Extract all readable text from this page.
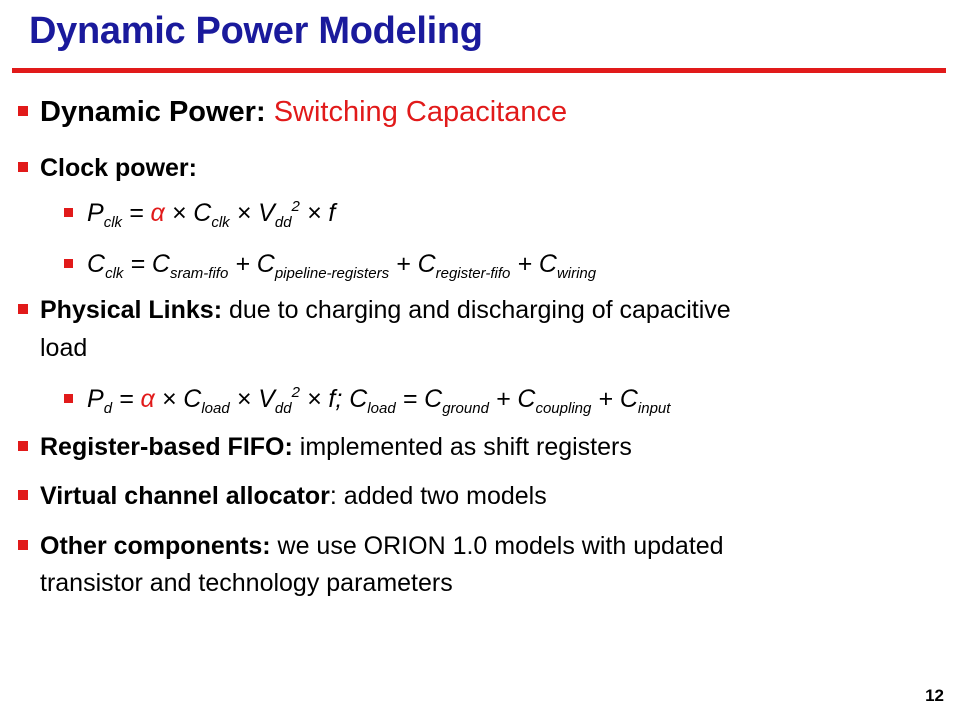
Dynamic Power Modeling
Dynamic Power: Switching Capacitance
Clock power:
$P_{clk} = \alpha \times C_{clk} \times V_{dd}^2 \times f$
$C_{clk} = C_{sram-fifo} + C_{pipeline-registers} + C_{register-fifo} + C_{wiring}$
Physical Links: due to charging and discharging of capacitive
load
$P_d = \alpha \times C_{load} \times V_{dd}^2 \times f$; $C_{load} = C_{ground} + C_{coupling} + C_{input}$
Register-based FIFO: implemented as shift registers
Virtual channel allocator: added two models
Other components: we use ORION 1.0 models with updated
transistor and technology parameters
12
